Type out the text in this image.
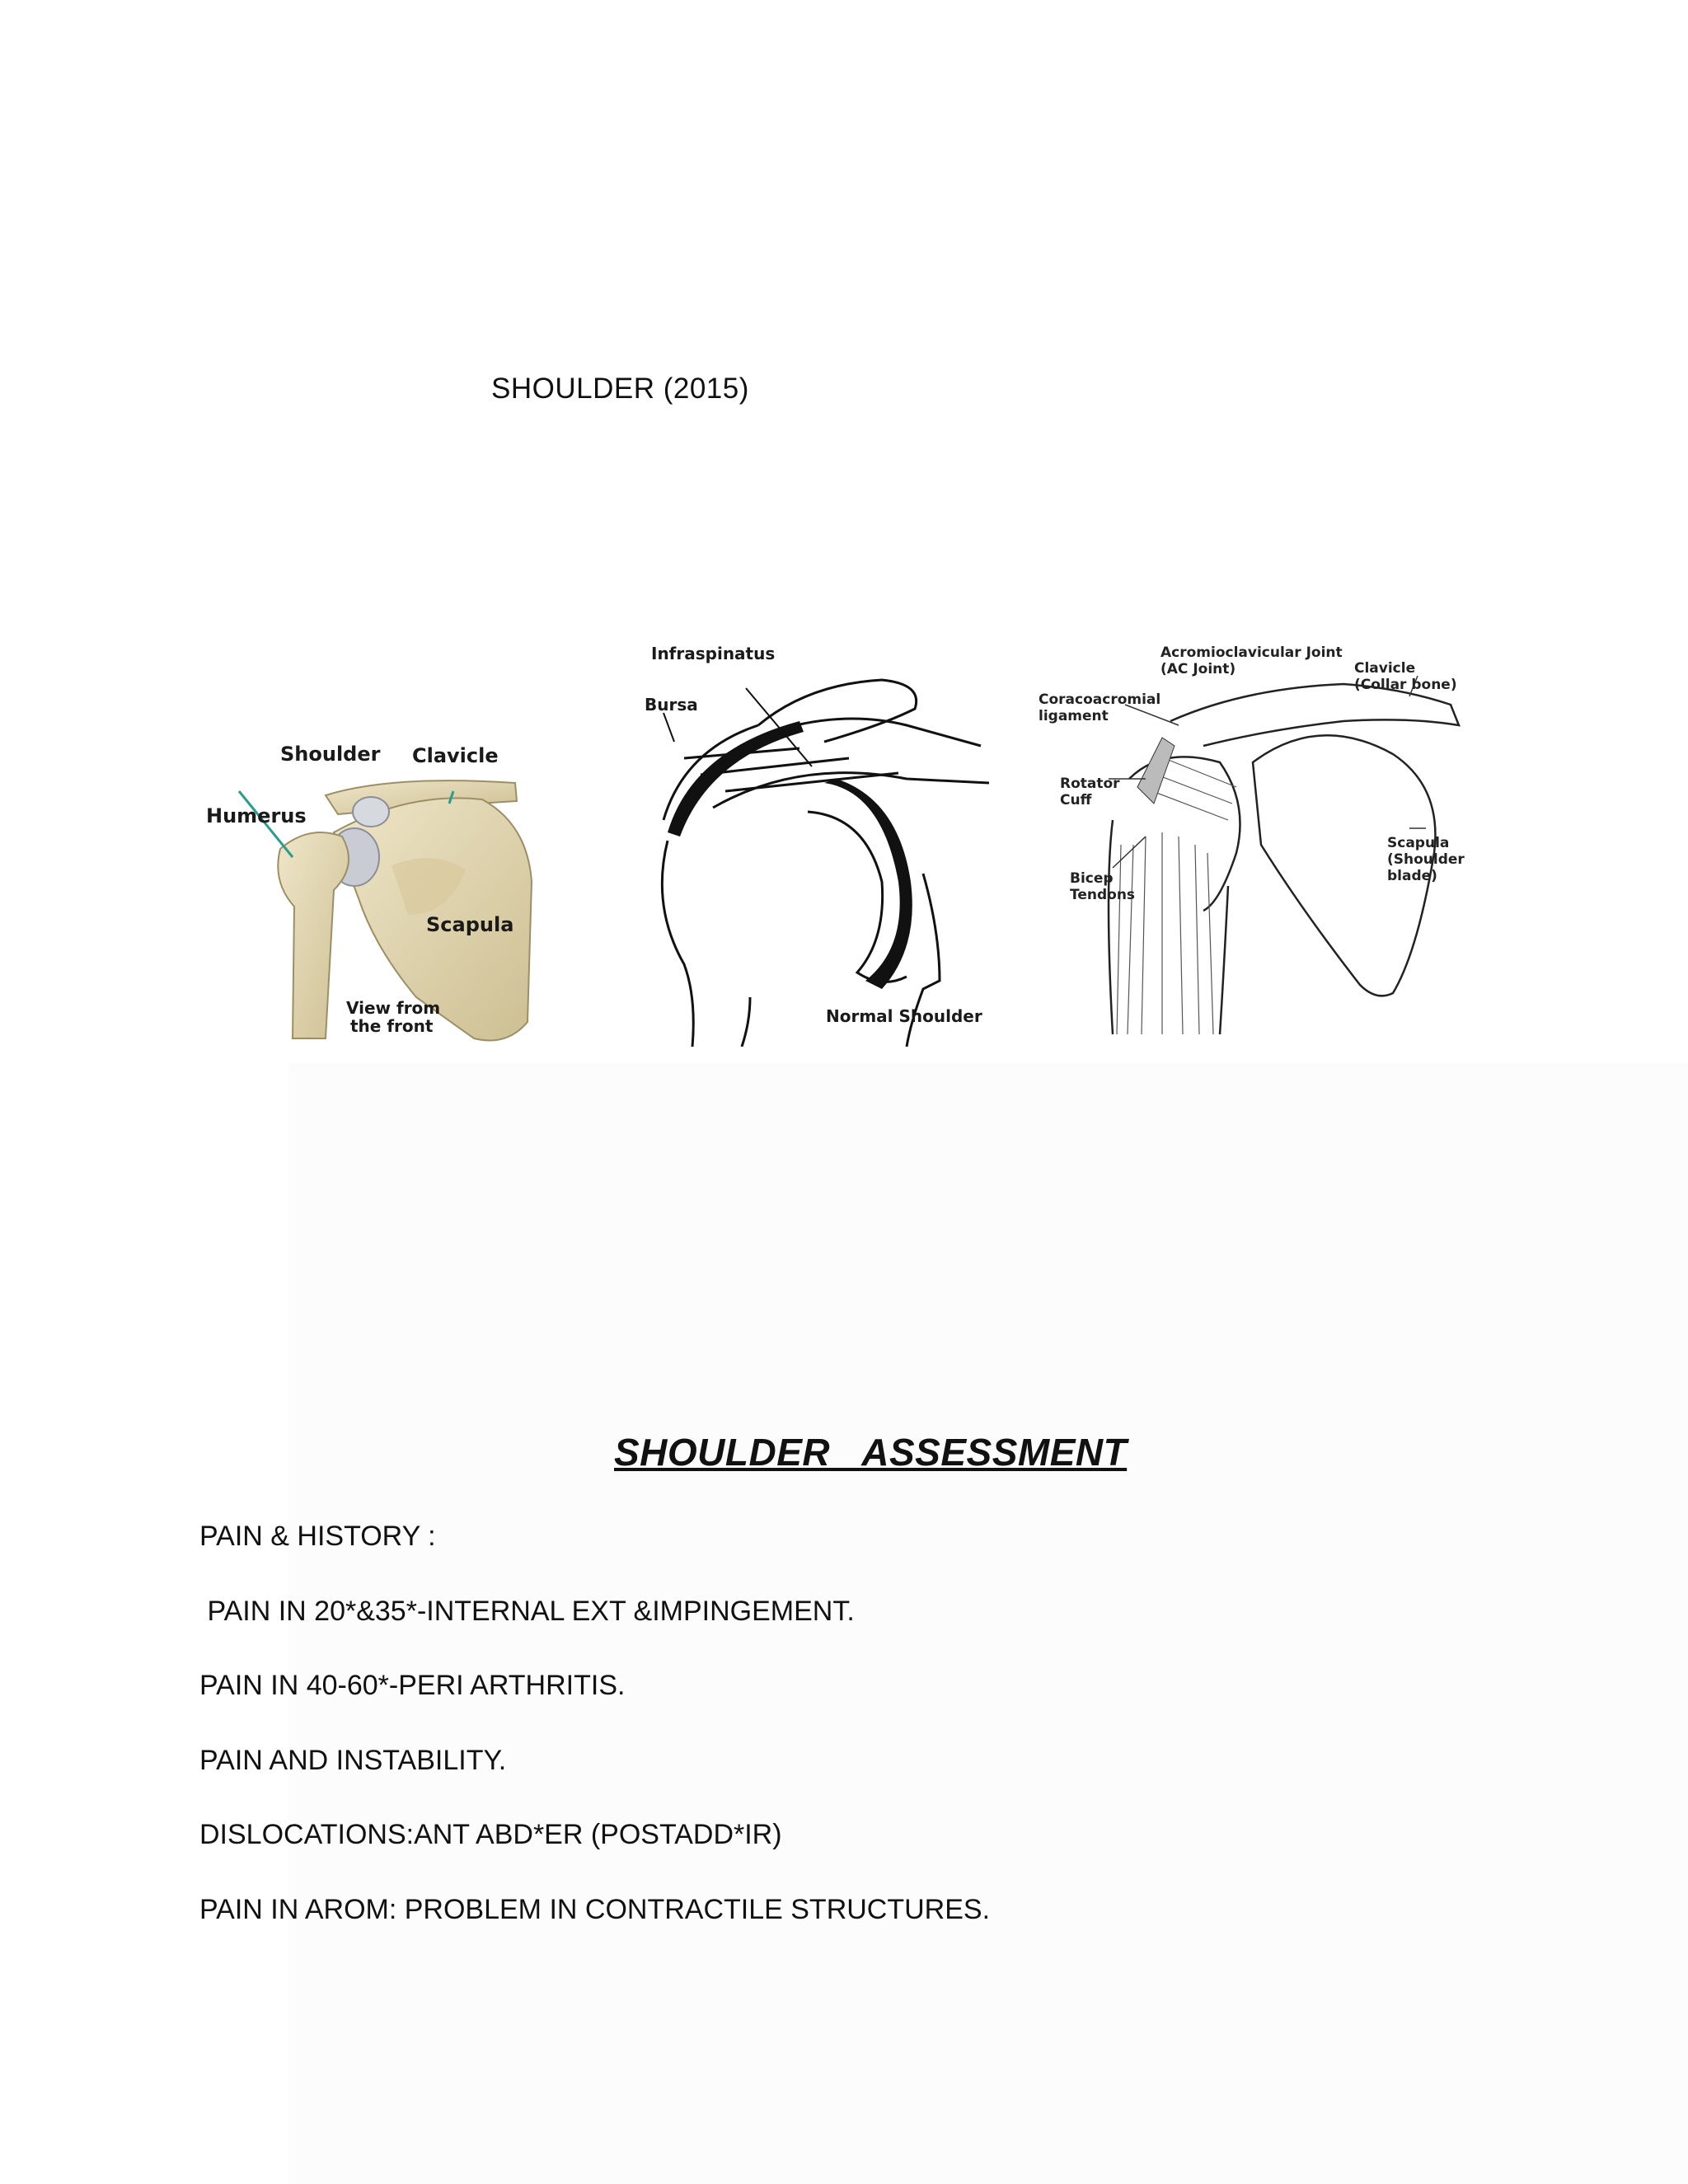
SHOULDER (2015)
Shoulder Clavicle
Humerus
Scapula
View from
the front
Infraspinatus
Bursa
Normal Shoulder
Acromioclavicular Joint
(AC Joint)	Clavicle
(Collar bone)
Coracoacromial
ligament
Rotator
Cuff
Bicep
Tendons
Scapula
(Shoulder
blade)
SHOULDER   ASSESSMENT
PAIN & HISTORY :
PAIN IN 20*&35*-INTERNAL EXT &IMPINGEMENT.
PAIN IN 40-60*-PERI ARTHRITIS.
PAIN AND INSTABILITY.
DISLOCATIONS:ANT ABD*ER (POSTADD*IR)
PAIN IN AROM: PROBLEM IN CONTRACTILE STRUCTURES.
